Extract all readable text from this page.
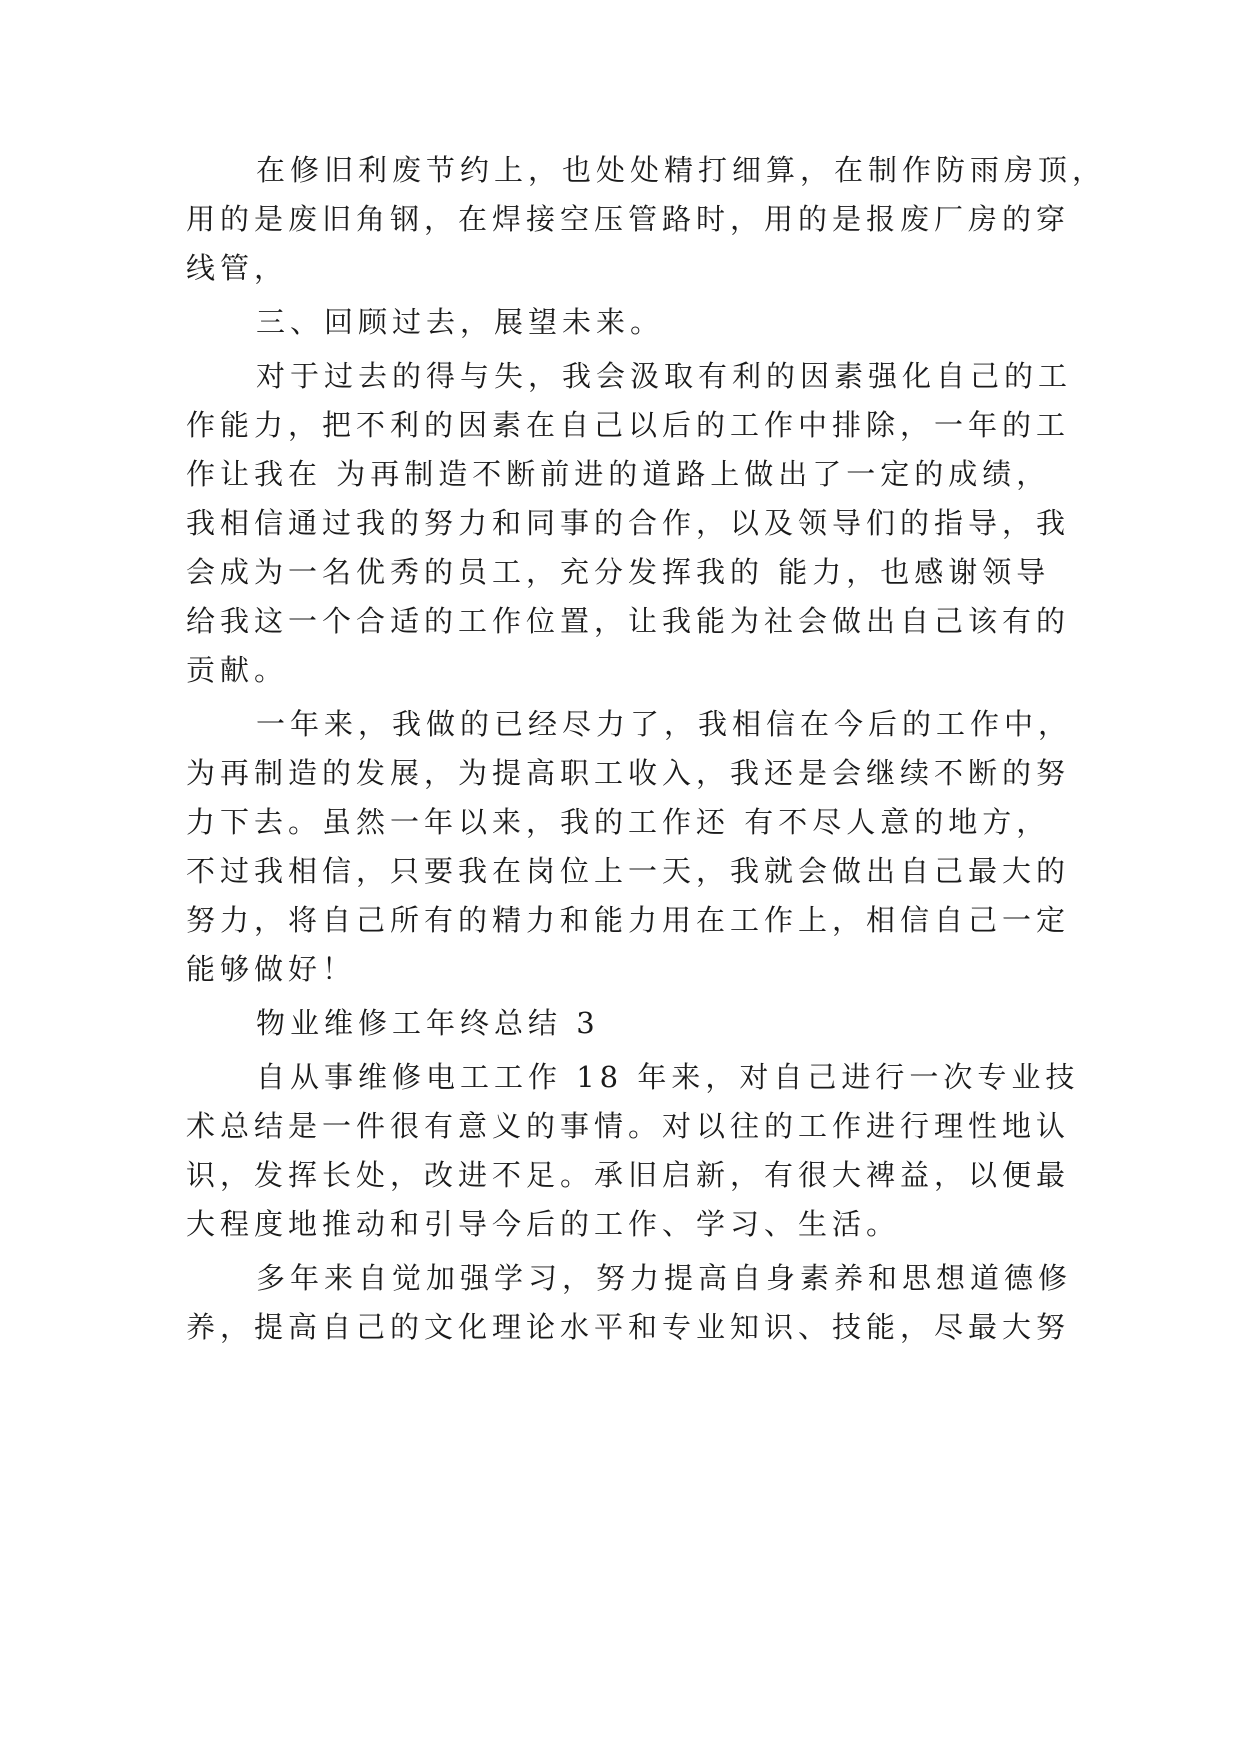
在修旧利废节约上，也处处精打细算，在制作防雨房顶，
用的是废旧角钢，在焊接空压管路时，用的是报废厂房的穿
线管，
三、回顾过去，展望未来。
对于过去的得与失，我会汲取有利的因素强化自己的工
作能力，把不利的因素在自己以后的工作中排除，一年的工
作让我在 为再制造不断前进的道路上做出了一定的成绩，
我相信通过我的努力和同事的合作，以及领导们的指导，我
会成为一名优秀的员工，充分发挥我的 能力，也感谢领导
给我这一个合适的工作位置，让我能为社会做出自己该有的
贡献。
一年来，我做的已经尽力了，我相信在今后的工作中，
为再制造的发展，为提高职工收入，我还是会继续不断的努
力下去。虽然一年以来，我的工作还 有不尽人意的地方，
不过我相信，只要我在岗位上一天，我就会做出自己最大的
努力，将自己所有的精力和能力用在工作上，相信自己一定
能够做好！
物业维修工年终总结 3
自从事维修电工工作 18 年来，对自己进行一次专业技
术总结是一件很有意义的事情。对以往的工作进行理性地认
识，发挥长处，改进不足。承旧启新，有很大裨益，以便最
大程度地推动和引导今后的工作、学习、生活。
多年来自觉加强学习，努力提高自身素养和思想道德修
养，提高自己的文化理论水平和专业知识、技能，尽最大努
